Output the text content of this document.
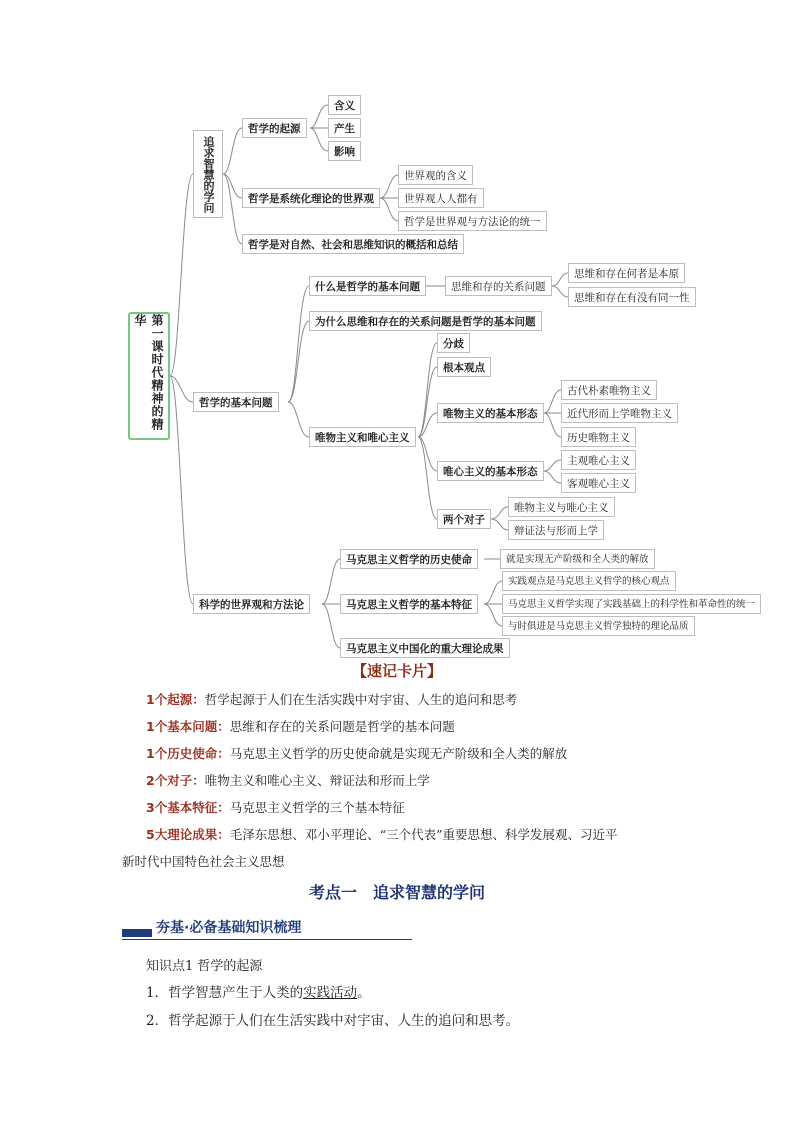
第一课时代精神的精华
追求智慧的学问
哲学的起源
含义
产生
影响
哲学是系统化理论的世界观
世界观的含义
世界观人人都有
哲学是世界观与方法论的统一
哲学是对自然、社会和思维知识的概括和总结
哲学的基本问题
什么是哲学的基本问题	思维和存的关系问题
思维和存在何者是本原
思维和存在有没有同一性
为什么思维和存在的关系问题是哲学的基本问题
唯物主义和唯心主义
分歧
根本观点
唯物主义的基本形态
古代朴素唯物主义
近代形而上学唯物主义
历史唯物主义
唯心主义的基本形态
主观唯心主义
客观唯心主义
两个对子
唯物主义与唯心主义
辩证法与形而上学
科学的世界观和方法论
马克思主义哲学的历史使命	就是实现无产阶级和全人类的解放
马克思主义哲学的基本特征
实践观点是马克思主义哲学的核心观点
马克思主义哲学实现了实践基础上的科学性和革命性的统一
与时俱进是马克思主义哲学独特的理论品质
马克思主义中国化的重大理论成果
【速记卡片】
1个起源：哲学起源于人们在生活实践中对宇宙、人生的追问和思考
1个基本问题：思维和存在的关系问题是哲学的基本问题
1个历史使命：马克思主义哲学的历史使命就是实现无产阶级和全人类的解放
2个对子：唯物主义和唯心主义、辩证法和形而上学
3个基本特征：马克思主义哲学的三个基本特征
5大理论成果：毛泽东思想、邓小平理论、“三个代表”重要思想、科学发展观、习近平
新时代中国特色社会主义思想
考点一　追求智慧的学问
夯基·必备基础知识梳理
知识点1 哲学的起源
1．哲学智慧产生于人类的实践活动。
2．哲学起源于人们在生活实践中对宇宙、人生的追问和思考。
